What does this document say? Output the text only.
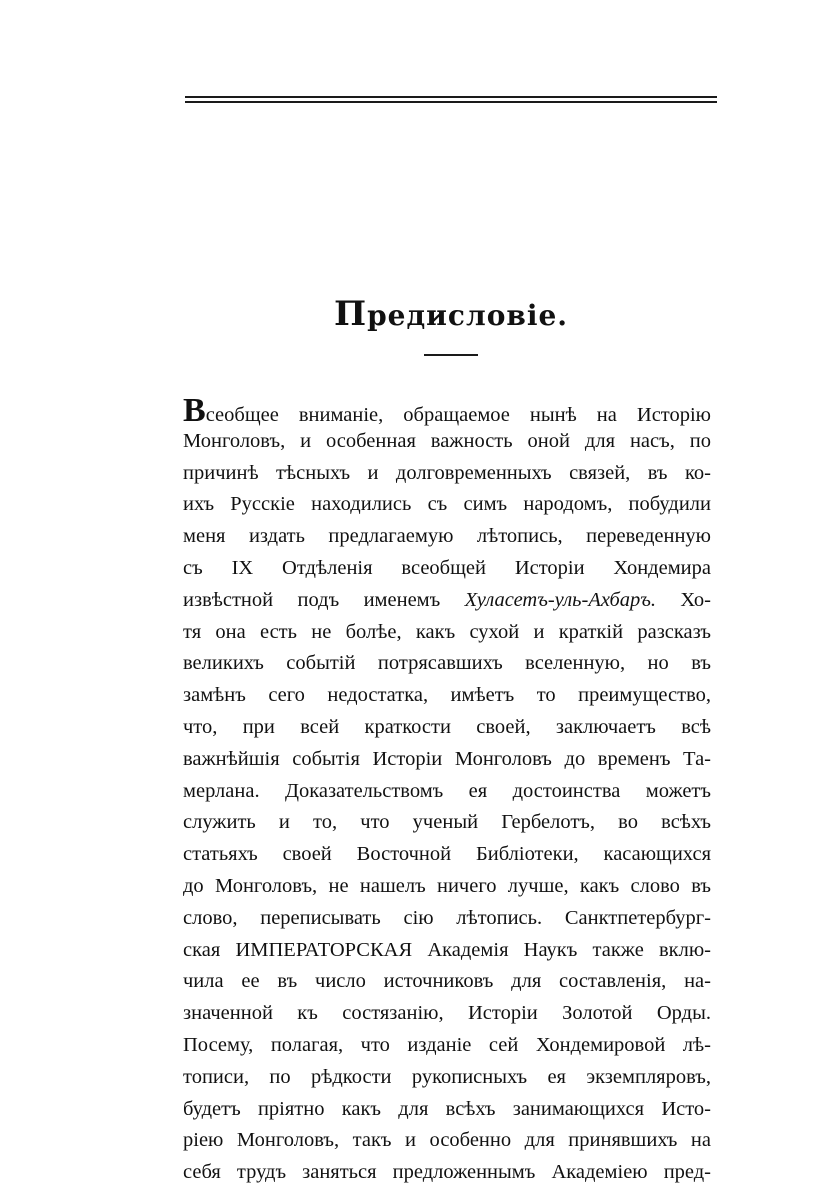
Предисловіе.
Всеобщее вниманіе, обращаемое нынѣ на Исторію
Монголовъ, и особенная важность оной для насъ, по
причинѣ тѣсныхъ и долговременныхъ связей, въ ко-
ихъ Русскіе находились съ симъ народомъ, побудили
меня издать предлагаемую лѣтопись, переведенную
съ IX Отдѣленія всеобщей Исторіи Хондемира
извѣстной подъ именемъ Хуласетъ-уль-Ахбаръ. Хо-
тя она есть не болѣе, какъ сухой и краткій разсказъ
великихъ событій потрясавшихъ вселенную, но въ
замѣнъ сего недостатка, имѣетъ то преимущество,
что, при всей краткости своей, заключаетъ всѣ
важнѣйшія событія Исторіи Монголовъ до временъ Та-
мерлана. Доказательствомъ ея достоинства можетъ
служить и то, что ученый Гербелотъ, во всѣхъ
статьяхъ своей Восточной Библіотеки, касающихся
до Монголовъ, не нашелъ ничего лучше, какъ слово въ
слово, переписывать сію лѣтопись. Санктпетербург-
ская ИМПЕРАТОРСКАЯ Академія Наукъ также вклю-
чила ее въ число источниковъ для составленія, на-
значенной къ состязанію, Исторіи Золотой Орды.
Посему, полагая, что изданіе сей Хондемировой лѣ-
тописи, по рѣдкости рукописныхъ ея экземпляровъ,
будетъ пріятно какъ для всѣхъ занимающихся Исто-
ріею Монголовъ, такъ и особенно для принявшихъ на
себя трудъ заняться предложеннымъ Академіею пред-
